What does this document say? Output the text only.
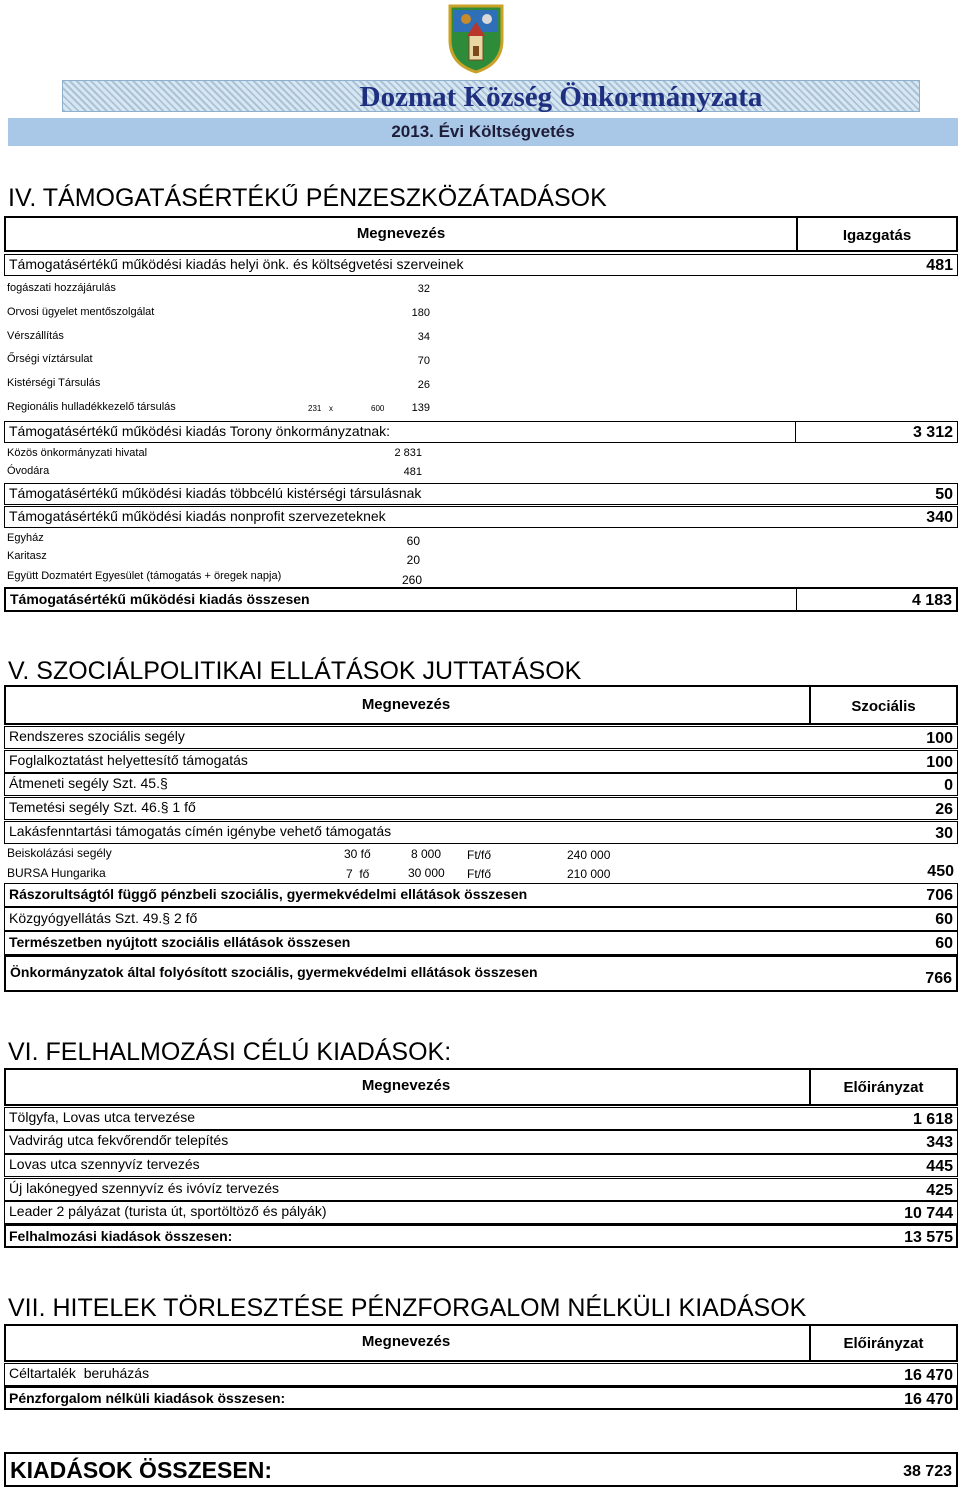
Dozmat Község Önkormányzata
2013. Évi Költségvetés
IV. TÁMOGATÁSÉRTÉKŰ PÉNZESZKÖZÁTADÁSOK
Megnevezés	Igazgatás
Támogatásértékű működési kiadás helyi önk. és költségvetési szerveinek	481
fogászati hozzájárulás	32
Orvosi ügyelet mentőszolgálat	180
Vérszállítás	34
Őrségi víztársulat	70
Kistérségi Társulás	26
Regionális hulladékkezelő társulás	231 x	600	139
Támogatásértékű működési kiadás Torony önkormányzatnak:	3 312
Közös önkormányzati hivatal	2 831
Óvodára	481
Támogatásértékű működési kiadás többcélú kistérségi társulásnak	50
Támogatásértékű működési kiadás nonprofit szervezeteknek	340
Egyház	60
Karitasz	20
Együtt Dozmatért Egyesület (támogatás + öregek napja)	260
Támogatásértékű működési kiadás összesen	4 183
V. SZOCIÁLPOLITIKAI ELLÁTÁSOK JUTTATÁSOK
Megnevezés	Szociális
Rendszeres szociális segély	100
Foglalkoztatást helyettesítő támogatás	100
Átmeneti segély Szt. 45.§	0
Temetési segély Szt. 46.§ 1 fő	26
Lakásfenntartási támogatás címén igénybe vehető támogatás	30
Beiskolázási segély	30 fő	8 000 Ft/fő	240 000
BURSA Hungarika	7  fő	30 000 Ft/fő	210 000	450
Rászorultságtól függő pénzbeli szociális, gyermekvédelmi ellátások összesen	706
Közgyógyellátás Szt. 49.§ 2 fő	60
Természetben nyújtott szociális ellátások összesen	60
Önkormányzatok által folyósított szociális, gyermekvédelmi ellátások összesen	766
VI. FELHALMOZÁSI CÉLÚ KIADÁSOK:
Megnevezés	Előirányzat
Tölgyfa, Lovas utca tervezése	1 618
Vadvirág utca fekvőrendőr telepítés	343
Lovas utca szennyvíz tervezés	445
Új lakónegyed szennyvíz és ivóvíz tervezés	425
Leader 2 pályázat (turista út, sportöltöző és pályák)	10 744
Felhalmozási kiadások összesen:	13 575
VII. HITELEK TÖRLESZTÉSE PÉNZFORGALOM NÉLKÜLI KIADÁSOK
Megnevezés	Előirányzat
Céltartalék  beruházás	16 470
Pénzforgalom nélküli kiadások összesen:	16 470
KIADÁSOK ÖSSZESEN:	38 723
